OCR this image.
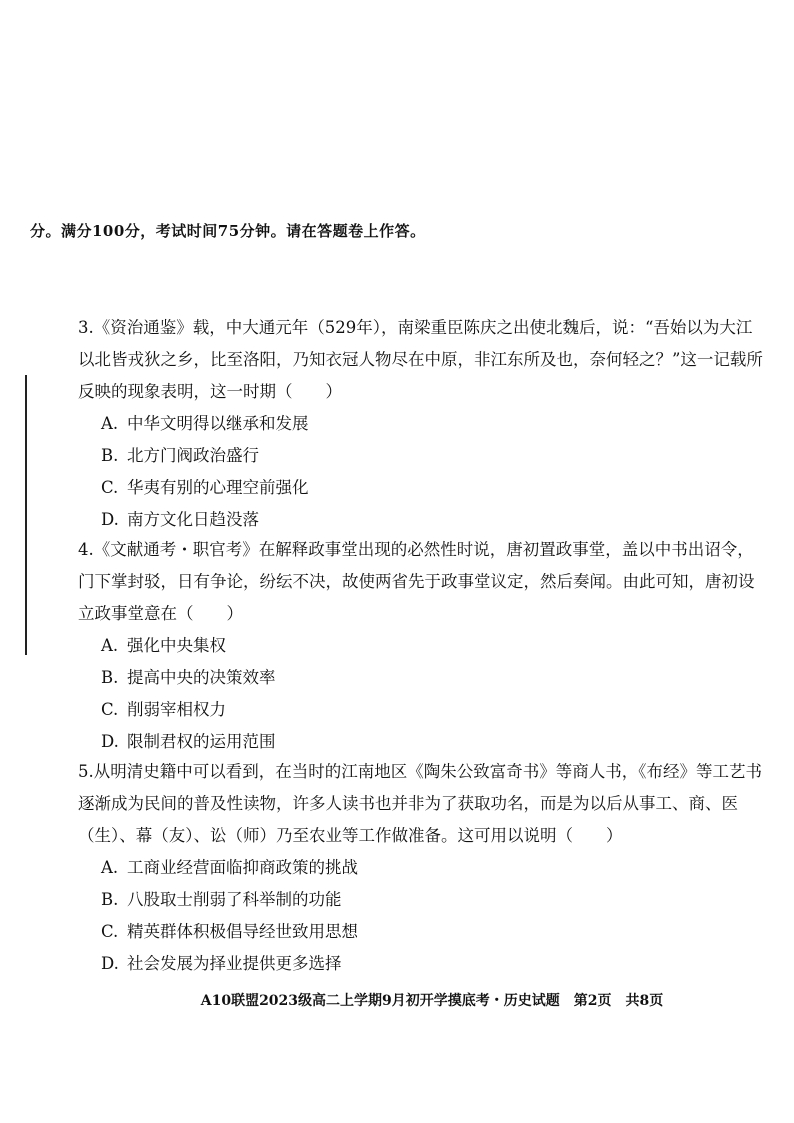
分。满分100分，考试时间75分钟。请在答题卷上作答。

3.《资治通鉴》载，中大通元年（529年），南梁重臣陈庆之出使北魏后，说：“吾始以为大江以北皆戎狄之乡，比至洛阳，乃知衣冠人物尽在中原，非江东所及也，奈何轻之？”这一记载所反映的现象表明，这一时期（　　）

A. 中华文明得以继承和发展
B. 北方门阀政治盛行
C. 华夷有别的心理空前强化
D. 南方文化日趋没落

4.《文献通考・职官考》在解释政事堂出现的必然性时说，唐初置政事堂，盖以中书出诏令，门下掌封驳，日有争论，纷纭不决，故使两省先于政事堂议定，然后奏闻。由此可知，唐初设立政事堂意在（　　）

A. 强化中央集权
B. 提高中央的决策效率
C. 削弱宰相权力
D. 限制君权的运用范围

5.从明清史籍中可以看到，在当时的江南地区《陶朱公致富奇书》等商人书，《布经》等工艺书逐渐成为民间的普及性读物，许多人读书也并非为了获取功名，而是为以后从事工、商、医（生）、幕（友）、讼（师）乃至农业等工作做准备。这可用以说明（　　）

A. 工商业经营面临抑商政策的挑战
B. 八股取士削弱了科举制的功能
C. 精英群体积极倡导经世致用思想
D. 社会发展为择业提供更多选择
A10联盟2023级高二上学期9月初开学摸底考・历史试题　第2页　共8页
